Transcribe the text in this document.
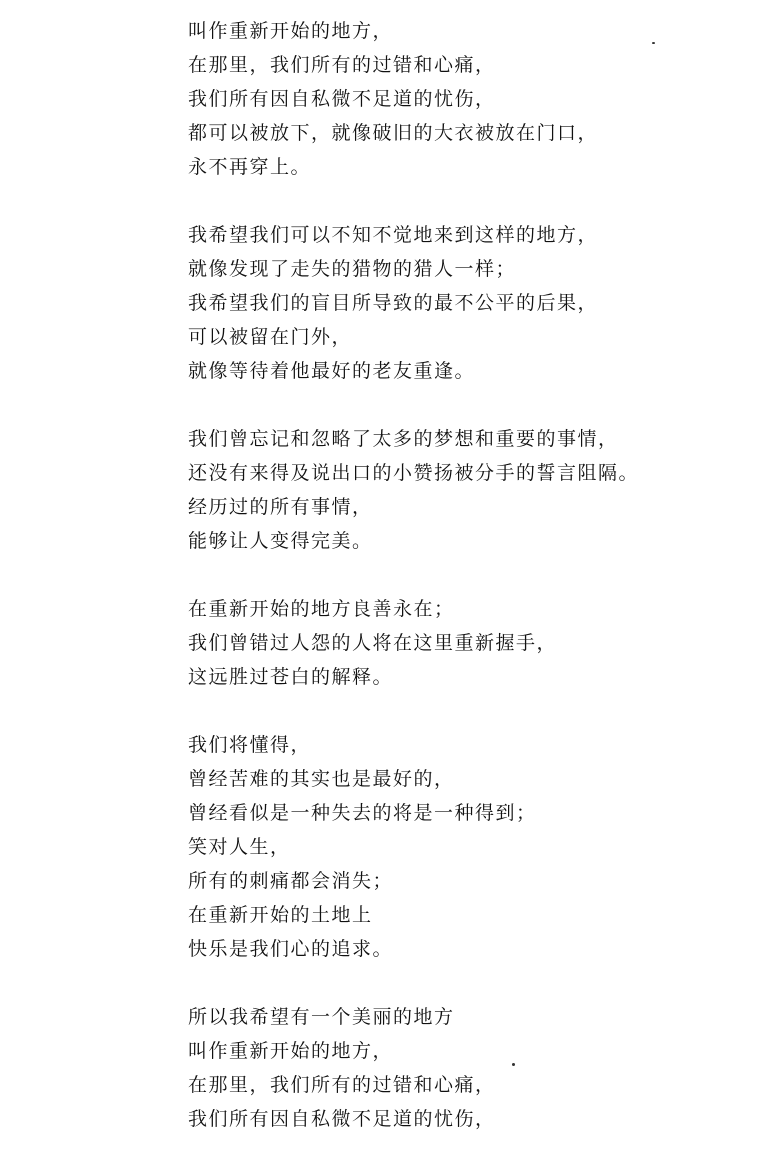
叫作重新开始的地方，
在那里，我们所有的过错和心痛，
我们所有因自私微不足道的忧伤，
都可以被放下，就像破旧的大衣被放在门口，
永不再穿上。
我希望我们可以不知不觉地来到这样的地方，
就像发现了走失的猎物的猎人一样；
我希望我们的盲目所导致的最不公平的后果，
可以被留在门外，
就像等待着他最好的老友重逢。
我们曾忘记和忽略了太多的梦想和重要的事情，
还没有来得及说出口的小赞扬被分手的誓言阻隔。
经历过的所有事情，
能够让人变得完美。
在重新开始的地方良善永在；
我们曾错过人怨的人将在这里重新握手，
这远胜过苍白的解释。
我们将懂得，
曾经苦难的其实也是最好的，
曾经看似是一种失去的将是一种得到；
笑对人生，
所有的刺痛都会消失；
在重新开始的土地上
快乐是我们心的追求。
所以我希望有一个美丽的地方
叫作重新开始的地方，
在那里，我们所有的过错和心痛，
我们所有因自私微不足道的忧伤，
